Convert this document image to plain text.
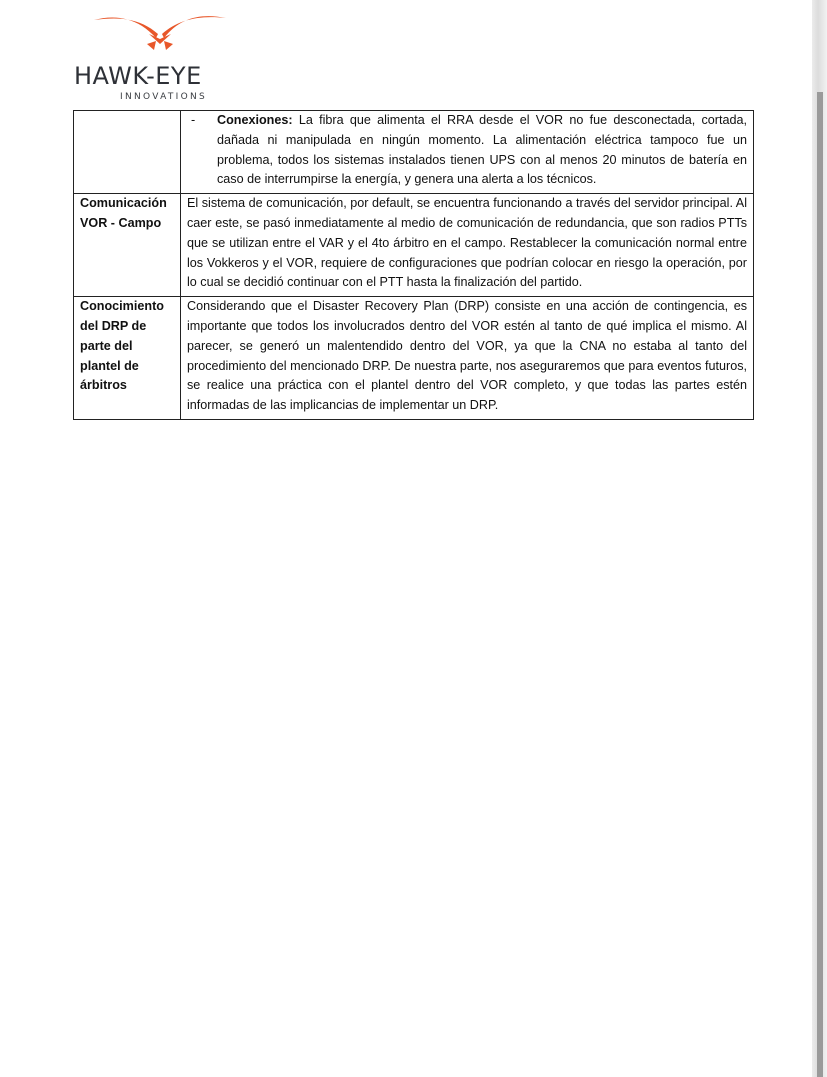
HAWK-EYE
INNOVATIONS

	- Conexiones: La fibra que alimenta el RRA desde el VOR no fue desconectada, cortada, dañada ni manipulada en ningún momento. La alimentación eléctrica tampoco fue un problema, todos los sistemas instalados tienen UPS con al menos 20 minutos de batería en caso de interrumpirse la energía, y genera una alerta a los técnicos.

Comunicación VOR - Campo	El sistema de comunicación, por default, se encuentra funcionando a través del servidor principal. Al caer este, se pasó inmediatamente al medio de comunicación de redundancia, que son radios PTTs que se utilizan entre el VAR y el 4to árbitro en el campo. Restablecer la comunicación normal entre los Vokkeros y el VOR, requiere de configuraciones que podrían colocar en riesgo la operación, por lo cual se decidió continuar con el PTT hasta la finalización del partido.
Conocimiento del DRP de parte del plantel de árbitros	Considerando que el Disaster Recovery Plan (DRP) consiste en una acción de contingencia, es importante que todos los involucrados dentro del VOR estén al tanto de qué implica el mismo. Al parecer, se generó un malentendido dentro del VOR, ya que la CNA no estaba al tanto del procedimiento del mencionado DRP. De nuestra parte, nos aseguraremos que para eventos futuros, se realice una práctica con el plantel dentro del VOR completo, y que todas las partes estén informadas de las implicancias de implementar un DRP.
